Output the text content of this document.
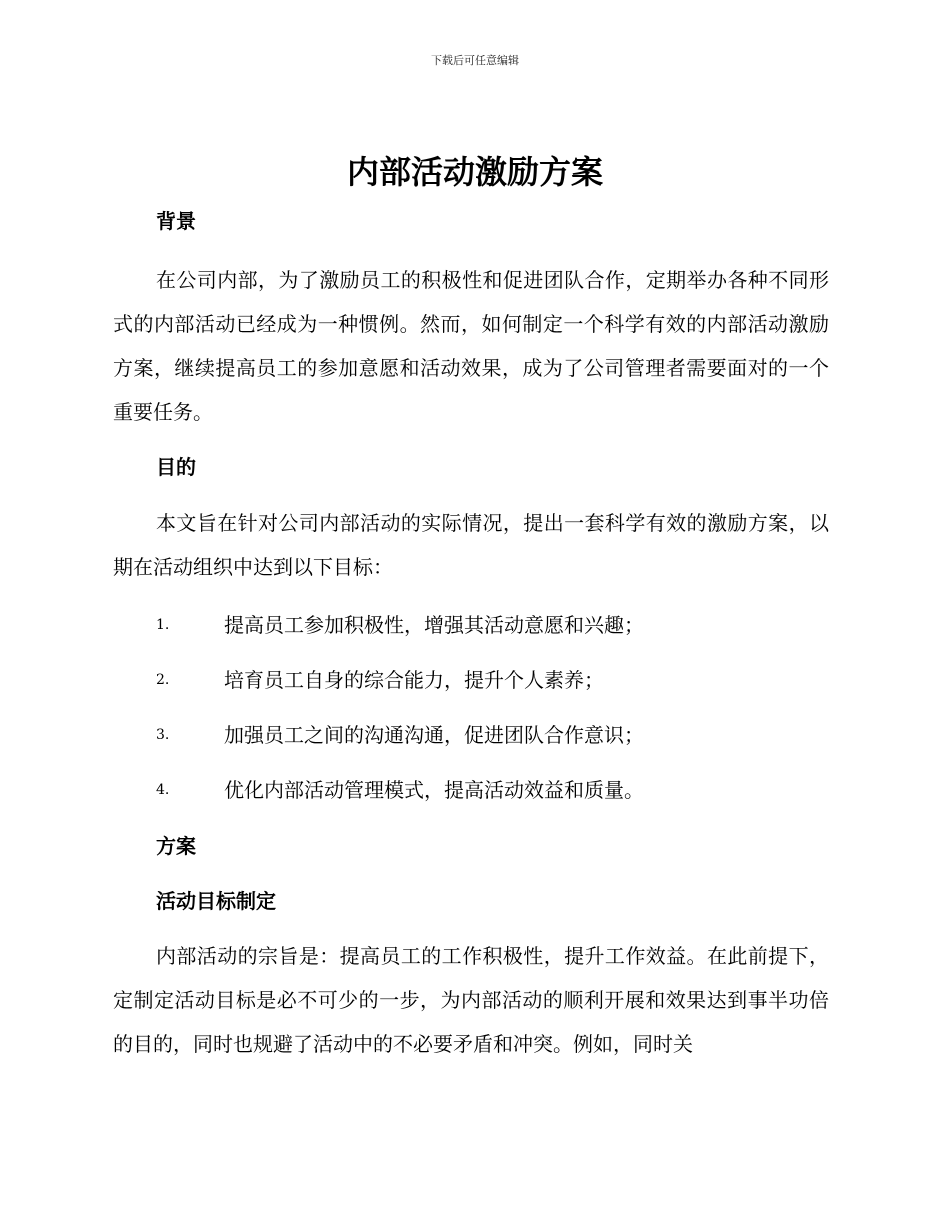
下载后可任意编辑
内部活动激励方案
背景

在公司内部，为了激励员工的积极性和促进团队合作，定期举办各种不同形式的内部活动已经成为一种惯例。然而，如何制定一个科学有效的内部活动激励方案，继续提高员工的参加意愿和活动效果，成为了公司管理者需要面对的一个重要任务。

目的

本文旨在针对公司内部活动的实际情况，提出一套科学有效的激励方案，以期在活动组织中达到以下目标：

1.	提高员工参加积极性，增强其活动意愿和兴趣；
2.	培育员工自身的综合能力，提升个人素养；
3.	加强员工之间的沟通沟通，促进团队合作意识；
4.	优化内部活动管理模式，提高活动效益和质量。
方案
活动目标制定

内部活动的宗旨是：提高员工的工作积极性，提升工作效益。在此前提下，定制定活动目标是必不可少的一步，为内部活动的顺利开展和效果达到事半功倍的目的，同时也规避了活动中的不必要矛盾和冲突。例如，同时关
